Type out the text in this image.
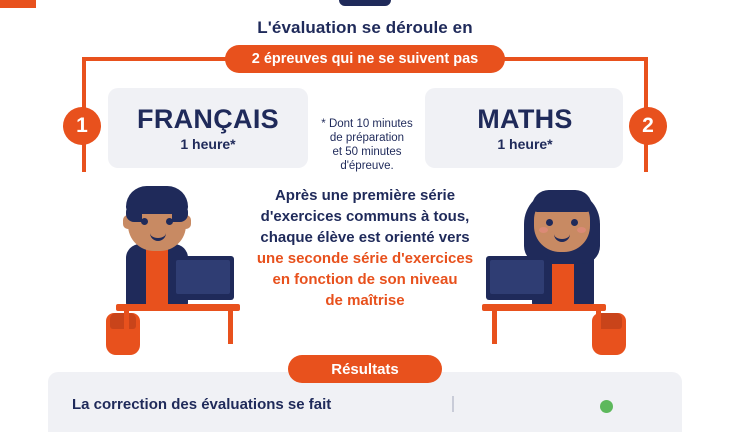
L'évaluation se déroule en
2 épreuves qui ne se suivent pas
1	2
FRANÇAIS
1 heure*
MATHS
1 heure*
* Dont 10 minutes
de préparation
et 50 minutes d'épreuve.
Après une première série
d'exercices communs à tous,
chaque élève est orienté vers
une seconde série d'exercices
en fonction de son niveau
de maîtrise
Résultats
La correction des évaluations se fait
